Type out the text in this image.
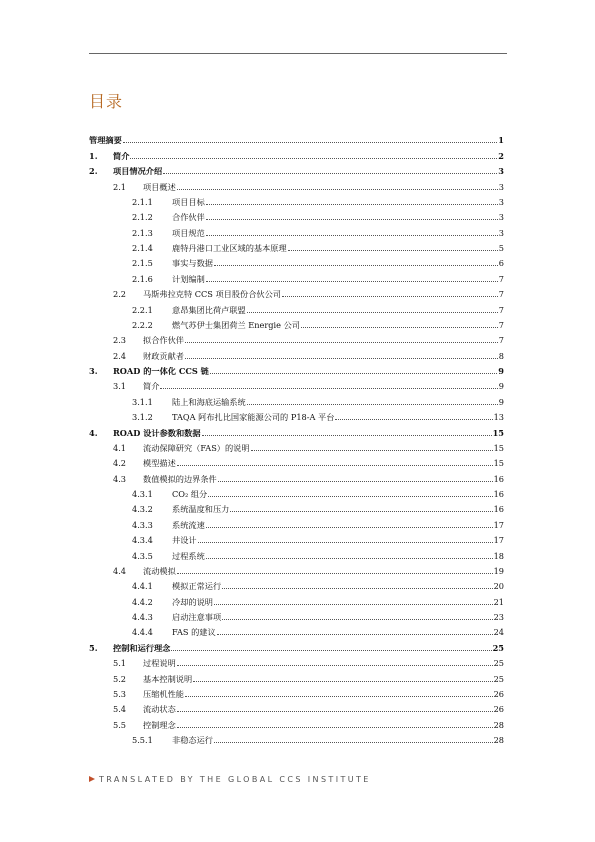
目录
管理摘要	1
1.	简介	2
2.	项目情况介绍	3
2.1	项目概述	3
2.1.1	项目目标	3
2.1.2	合作伙伴	3
2.1.3	项目规范	3
2.1.4	鹿特丹港口工业区域的基本原理	5
2.1.5	事实与数据	6
2.1.6	计划编制	7
2.2	马斯弗拉克特 CCS 项目股份合伙公司	7
2.2.1	意昂集团比荷卢联盟	7
2.2.2	燃气苏伊士集团荷兰 Energie 公司	7
2.3	拟合作伙伴	7
2.4	财政贡献者	8
3.	ROAD 的一体化 CCS 链	9
3.1	简介	9
3.1.1	陆上和海底运输系统	9
3.1.2	TAQA 阿布扎比国家能源公司的 P18-A 平台	13
4.	ROAD 设计参数和数据	15
4.1	流动保障研究（FAS）的说明	15
4.2	模型描述	15
4.3	数值模拟的边界条件	16
4.3.1	CO₂ 组分	16
4.3.2	系统温度和压力	16
4.3.3	系统流速	17
4.3.4	井设计	17
4.3.5	过程系统	18
4.4	流动模拟	19
4.4.1	模拟正常运行	20
4.4.2	冷却的说明	21
4.4.3	启动注意事项	23
4.4.4	FAS 的建议	24
5.	控制和运行理念	25
5.1	过程说明	25
5.2	基本控制说明	25
5.3	压缩机性能	26
5.4	流动状态	26
5.5	控制理念	28
5.5.1	非稳态运行	28
TRANSLATED BY THE GLOBAL CCS INSTITUTE
